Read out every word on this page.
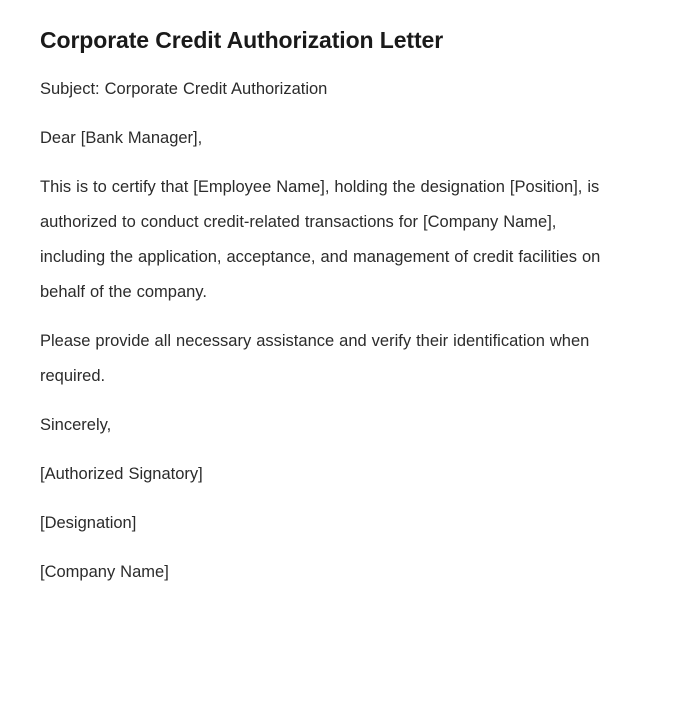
Corporate Credit Authorization Letter

Subject: Corporate Credit Authorization

Dear [Bank Manager],

This is to certify that [Employee Name], holding the designation [Position], is authorized to conduct credit-related transactions for [Company Name], including the application, acceptance, and management of credit facilities on behalf of the company.

Please provide all necessary assistance and verify their identification when required.

Sincerely,

[Authorized Signatory]

[Designation]

[Company Name]
